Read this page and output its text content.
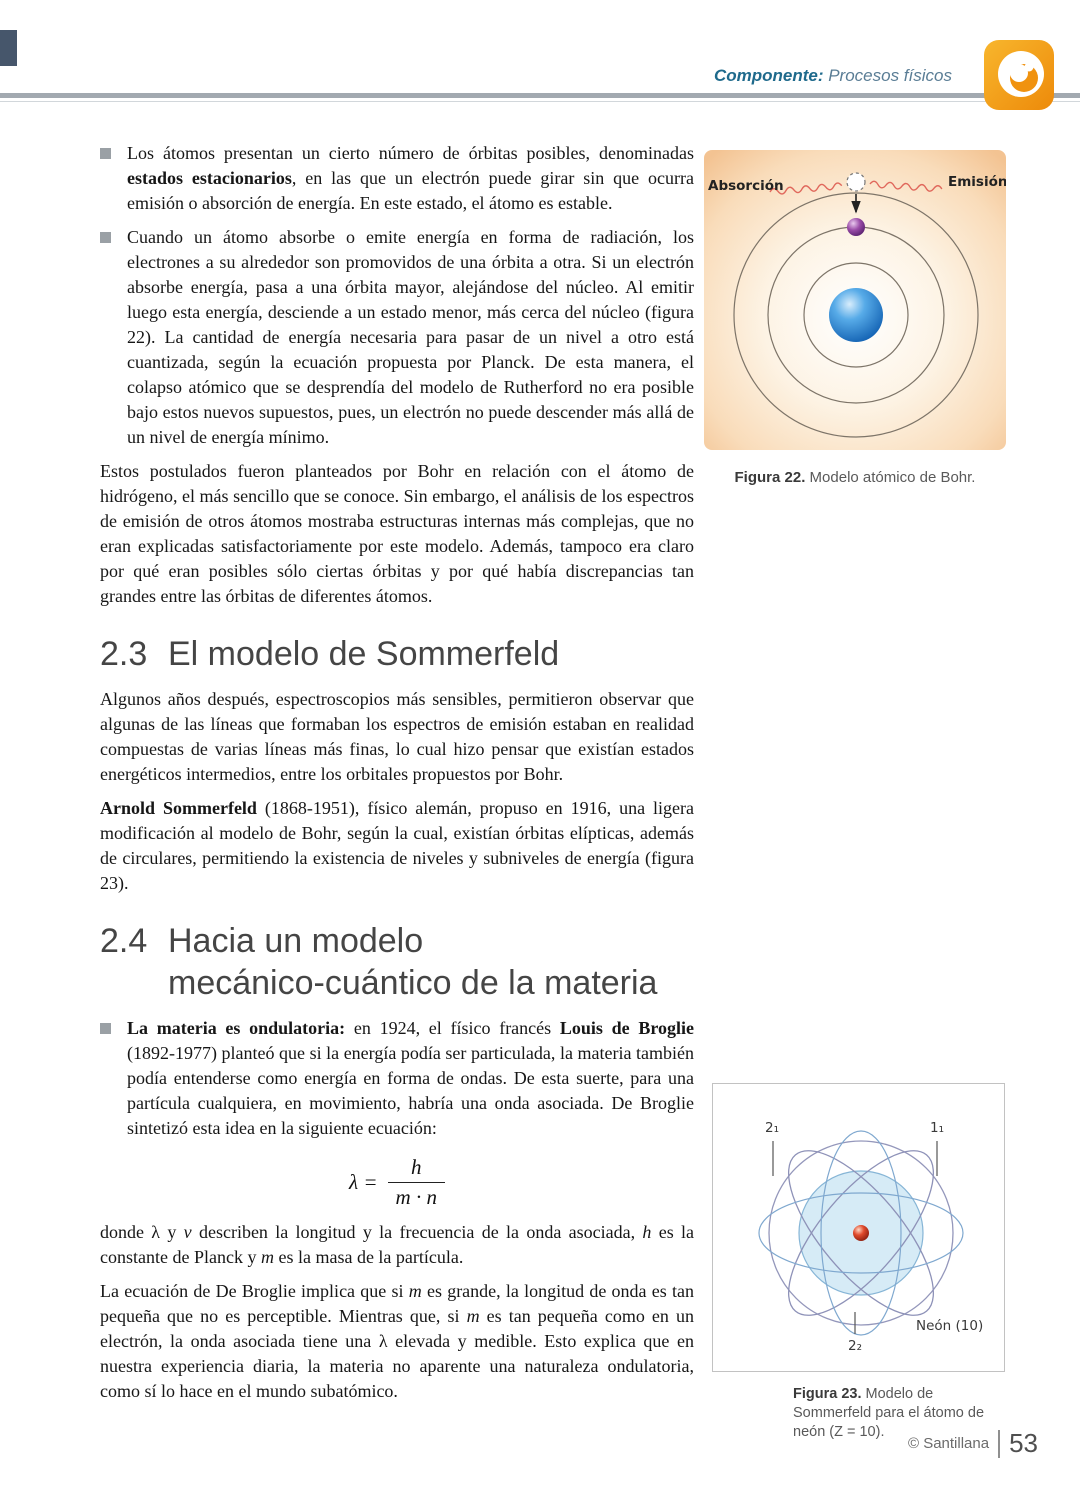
Componente: Procesos físicos
Los átomos presentan un cierto número de órbitas posibles, denominadas estados estacionarios, en las que un electrón puede girar sin que ocurra emisión o absorción de energía. En este estado, el átomo es estable.
Cuando un átomo absorbe o emite energía en forma de radiación, los electrones a su alrededor son promovidos de una órbita a otra. Si un electrón absorbe energía, pasa a una órbita mayor, alejándose del núcleo. Al emitir luego esta energía, desciende a un estado menor, más cerca del núcleo (figura 22). La cantidad de energía necesaria para pasar de un nivel a otro está cuantizada, según la ecuación propuesta por Planck. De esta manera, el colapso atómico que se desprendía del modelo de Rutherford no era posible bajo estos nuevos supuestos, pues, un electrón no puede descender más allá de un nivel de energía mínimo.
Estos postulados fueron planteados por Bohr en relación con el átomo de hidrógeno, el más sencillo que se conoce. Sin embargo, el análisis de los espectros de emisión de otros átomos mostraba estructuras internas más complejas, que no eran explicadas satisfactoriamente por este modelo. Además, tampoco era claro por qué eran posibles sólo ciertas órbitas y por qué había discrepancias tan grandes entre las órbitas de diferentes átomos.
2.3 El modelo de Sommerfeld
Algunos años después, espectroscopios más sensibles, permitieron observar que algunas de las líneas que formaban los espectros de emisión estaban en realidad compuestas de varias líneas más finas, lo cual hizo pensar que existían estados energéticos intermedios, entre los orbitales propuestos por Bohr.
Arnold Sommerfeld (1868-1951), físico alemán, propuso en 1916, una ligera modificación al modelo de Bohr, según la cual, existían órbitas elípticas, además de circulares, permitiendo la existencia de niveles y subniveles de energía (figura 23).
2.4 Hacia un modelo
mecánico-cuántico de la materia
La materia es ondulatoria: en 1924, el físico francés Louis de Broglie (1892-1977) planteó que si la energía podía ser particulada, la materia también podía entenderse como energía en forma de ondas. De esta suerte, para una partícula cualquiera, en movimiento, habría una onda asociada. De Broglie sintetizó esta idea en la siguiente ecuación:
$\lambda = \frac{h}{m \cdot n}$
donde λ y ν describen la longitud y la frecuencia de la onda asociada, h es la constante de Planck y m es la masa de la partícula.
La ecuación de De Broglie implica que si m es grande, la longitud de onda es tan pequeña que no es perceptible. Mientras que, si m es tan pequeña como en un electrón, la onda asociada tiene una λ elevada y medible. Esto explica que en nuestra experiencia diaria, la materia no aparente una naturaleza ondulatoria, como sí lo hace en el mundo subatómico.
Absorción	Emisión
Figura 22. Modelo atómico de Bohr.
2₁	1₁
2₂
Neón (10)
Figura 23. Modelo de Sommerfeld para el átomo de neón (Z = 10).
© Santillana 53
